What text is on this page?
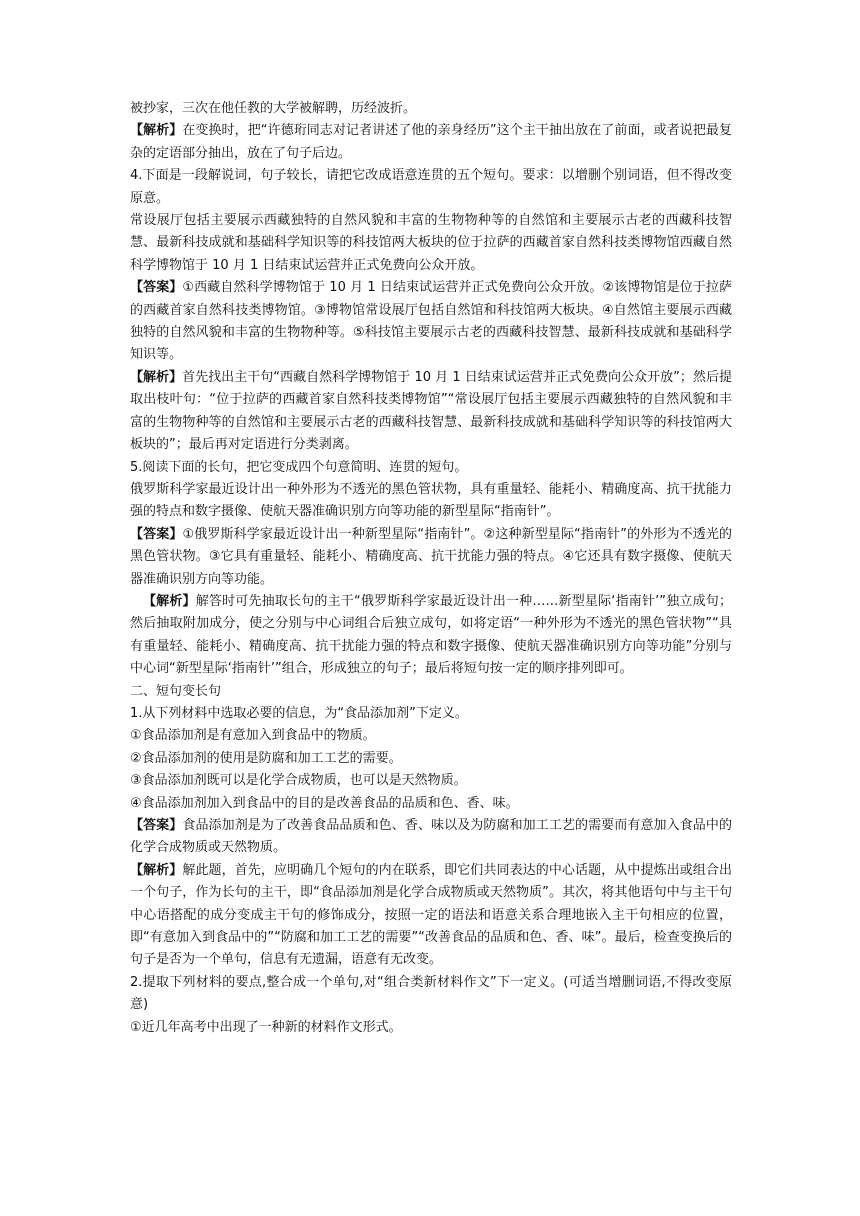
被抄家，三次在他任教的大学被解聘，历经波折。

【解析】在变换时，把“许德珩同志对记者讲述了他的亲身经历”这个主干抽出放在了前面，或者说把最复杂的定语部分抽出，放在了句子后边。

4.下面是一段解说词，句子较长，请把它改成语意连贯的五个短句。要求：以增删个别词语，但不得改变原意。

常设展厅包括主要展示西藏独特的自然风貌和丰富的生物物种等的自然馆和主要展示古老的西藏科技智慧、最新科技成就和基础科学知识等的科技馆两大板块的位于拉萨的西藏首家自然科技类博物馆西藏自然科学博物馆于 10 月 1 日结束试运营并正式免费向公众开放。

【答案】①西藏自然科学博物馆于 10 月 1 日结束试运营并正式免费向公众开放。②该博物馆是位于拉萨的西藏首家自然科技类博物馆。③博物馆常设展厅包括自然馆和科技馆两大板块。④自然馆主要展示西藏独特的自然风貌和丰富的生物物种等。⑤科技馆主要展示古老的西藏科技智慧、最新科技成就和基础科学知识等。

【解析】首先找出主干句“西藏自然科学博物馆于 10 月 1 日结束试运营并正式免费向公众开放”；然后提取出枝叶句：“位于拉萨的西藏首家自然科技类博物馆”“常设展厅包括主要展示西藏独特的自然风貌和丰富的生物物种等的自然馆和主要展示古老的西藏科技智慧、最新科技成就和基础科学知识等的科技馆两大板块的”；最后再对定语进行分类剥离。

5.阅读下面的长句，把它变成四个句意简明、连贯的短句。

俄罗斯科学家最近设计出一种外形为不透光的黑色管状物，具有重量轻、能耗小、精确度高、抗干扰能力强的特点和数字摄像、使航天器准确识别方向等功能的新型星际“指南针”。

【答案】①俄罗斯科学家最近设计出一种新型星际“指南针”。②这种新型星际“指南针”的外形为不透光的黑色管状物。③它具有重量轻、能耗小、精确度高、抗干扰能力强的特点。④它还具有数字摄像、使航天器准确识别方向等功能。

【解析】解答时可先抽取长句的主干“俄罗斯科学家最近设计出一种……新型星际‘指南针’”独立成句；然后抽取附加成分，使之分别与中心词组合后独立成句，如将定语“一种外形为不透光的黑色管状物”“具有重量轻、能耗小、精确度高、抗干扰能力强的特点和数字摄像、使航天器准确识别方向等功能”分别与中心词“新型星际‘指南针’”组合，形成独立的句子；最后将短句按一定的顺序排列即可。

二、短句变长句

1.从下列材料中选取必要的信息，为“食品添加剂”下定义。

①食品添加剂是有意加入到食品中的物质。

②食品添加剂的使用是防腐和加工工艺的需要。

③食品添加剂既可以是化学合成物质，也可以是天然物质。

④食品添加剂加入到食品中的目的是改善食品的品质和色、香、味。

【答案】食品添加剂是为了改善食品品质和色、香、味以及为防腐和加工工艺的需要而有意加入食品中的化学合成物质或天然物质。

【解析】解此题，首先，应明确几个短句的内在联系，即它们共同表达的中心话题，从中提炼出或组合出一个句子，作为长句的主干，即“食品添加剂是化学合成物质或天然物质”。其次，将其他语句中与主干句中心语搭配的成分变成主干句的修饰成分，按照一定的语法和语意关系合理地嵌入主干句相应的位置，即“有意加入到食品中的”“防腐和加工工艺的需要”“改善食品的品质和色、香、味”。最后，检查变换后的句子是否为一个单句，信息有无遗漏，语意有无改变。

2.提取下列材料的要点,整合成一个单句,对“组合类新材料作文”下一定义。(可适当增删词语,不得改变原意)

①近几年高考中出现了一种新的材料作文形式。
